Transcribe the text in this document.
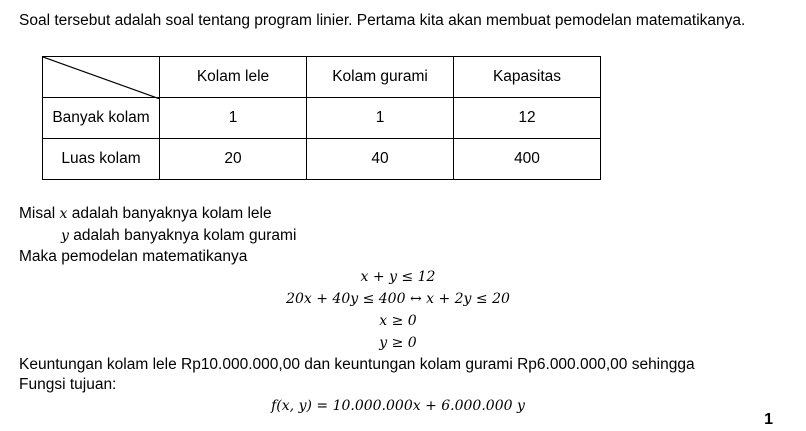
Soal tersebut adalah soal tentang program linier. Pertama kita akan membuat pemodelan matematikanya.
	Kolam lele	Kolam gurami	Kapasitas
Banyak kolam	1	1	12
Luas kolam	20	40	400
Misal x adalah banyaknya kolam lele
y adalah banyaknya kolam gurami
Maka pemodelan matematikanya
x + y ≤ 12
20x + 40y ≤ 400 ↔ x + 2y ≤ 20
x ≥ 0
y ≥ 0
Keuntungan kolam lele Rp10.000.000,00 dan keuntungan kolam gurami Rp6.000.000,00 sehingga
Fungsi tujuan:
f(x, y) = 10.000.000x + 6.000.000 y
1
